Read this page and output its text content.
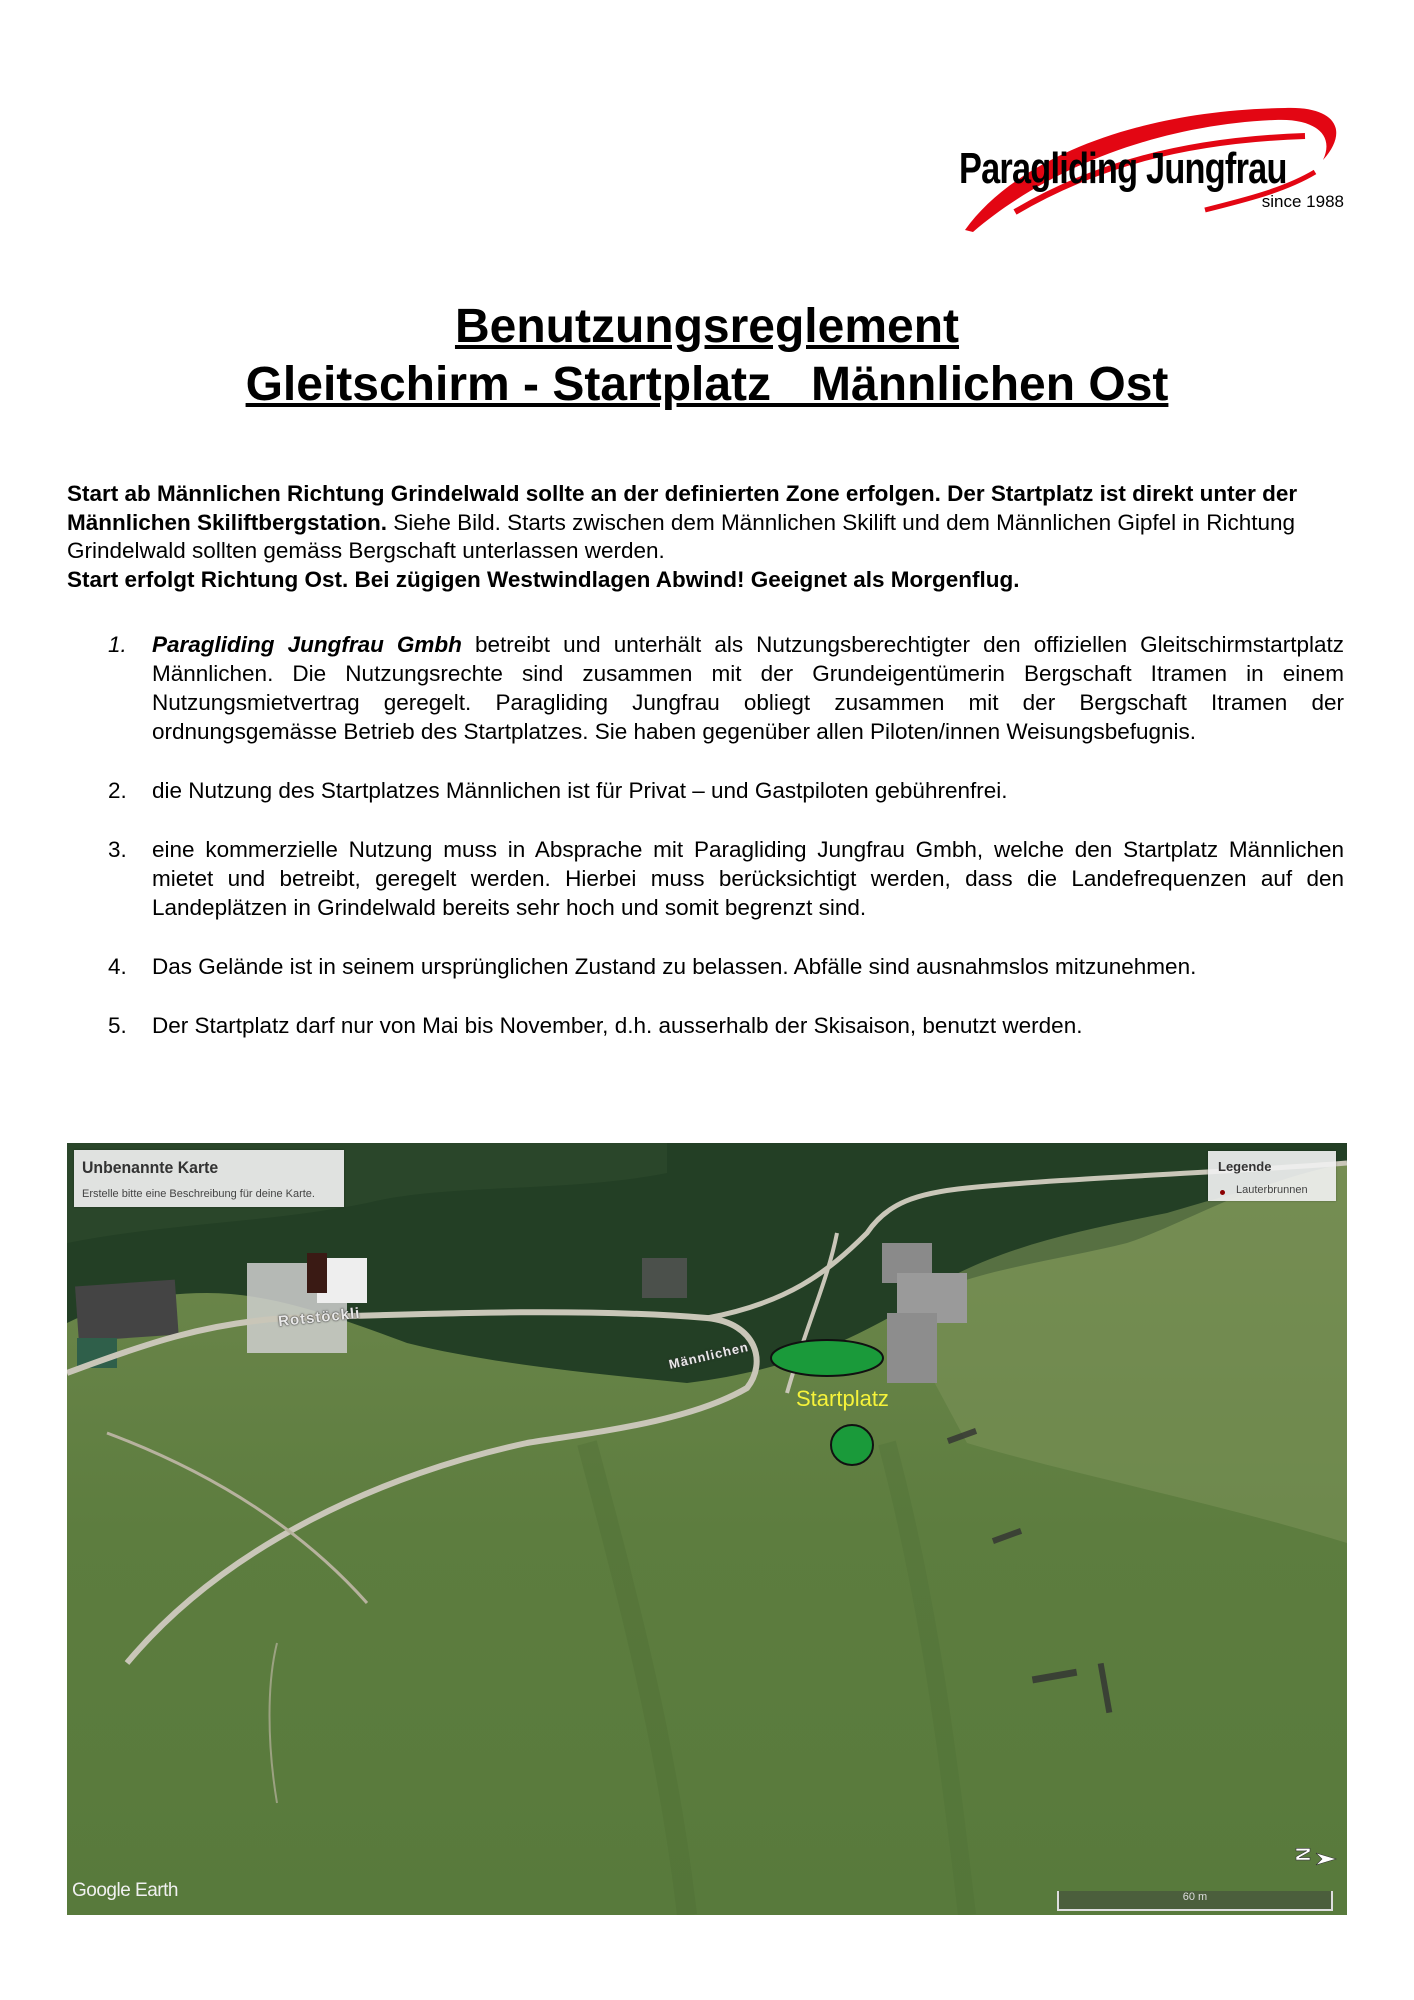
Paragliding Jungfrau
since 1988
Benutzungsreglement
Gleitschirm - Startplatz   Männlichen Ost
Start ab Männlichen Richtung Grindelwald sollte an der definierten Zone erfolgen. Der Startplatz ist direkt unter der Männlichen Skiliftbergstation. Siehe Bild. Starts zwischen dem Männlichen Skilift und dem Männlichen Gipfel in Richtung Grindelwald sollten gemäss Bergschaft unterlassen werden.
Start erfolgt Richtung Ost. Bei zügigen Westwindlagen Abwind! Geeignet als Morgenflug.
1. Paragliding Jungfrau Gmbh betreibt und unterhält als Nutzungsberechtigter den offiziellen Gleitschirmstartplatz Männlichen. Die Nutzungsrechte sind zusammen mit der Grundeigentümerin Bergschaft Itramen in einem Nutzungsmietvertrag geregelt. Paragliding Jungfrau obliegt zusammen mit der Bergschaft Itramen der ordnungsgemässe Betrieb des Startplatzes. Sie haben gegenüber allen Piloten/innen Weisungsbefugnis.
2. die Nutzung des Startplatzes Männlichen ist für Privat – und Gastpiloten gebührenfrei.
3. eine kommerzielle Nutzung muss in Absprache mit Paragliding Jungfrau Gmbh, welche den Startplatz Männlichen mietet und betreibt, geregelt werden. Hierbei muss berücksichtigt werden, dass die Landefrequenzen auf den Landeplätzen in Grindelwald bereits sehr hoch und somit begrenzt sind.
4. Das Gelände ist in seinem ursprünglichen Zustand zu belassen. Abfälle sind ausnahmslos mitzunehmen.
5. Der Startplatz darf nur von Mai bis November, d.h. ausserhalb der Skisaison, benutzt werden.
Rotstöckli
Männlichen
Startplatz
Unbenannte Karte
Erstelle bitte eine Beschreibung für deine Karte.
Legende
Lauterbrunnen
N
Google Earth	60 m
